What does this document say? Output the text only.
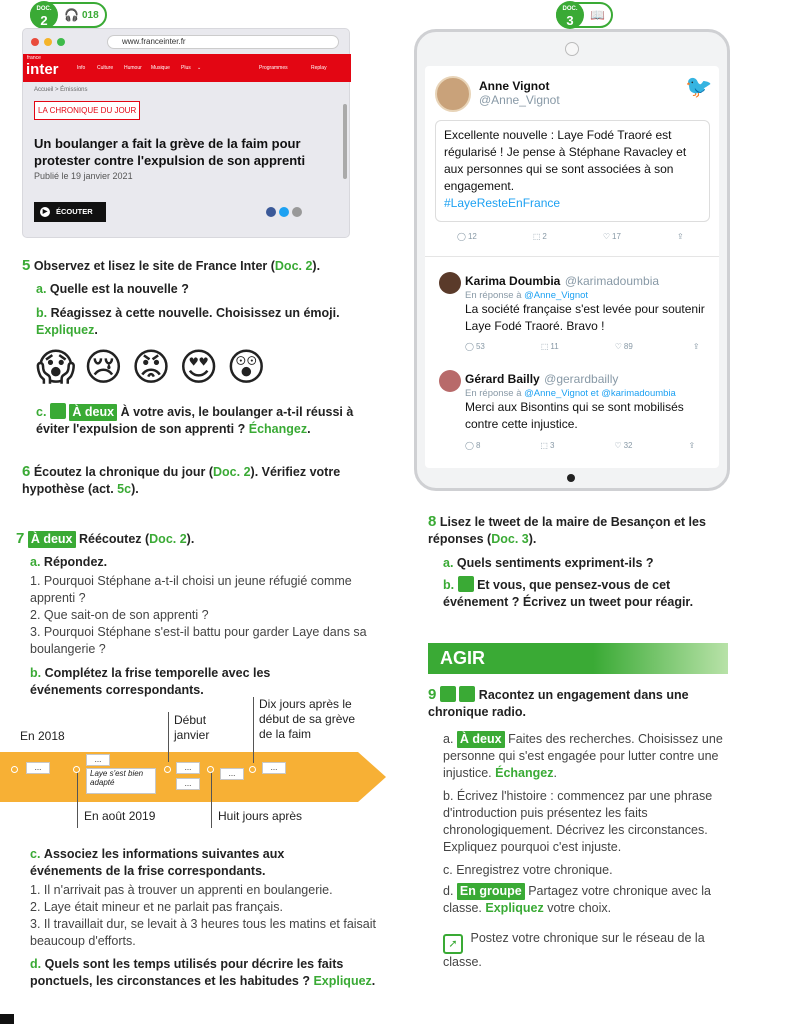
DOC.
2 🎧 018
www.franceinter.fr
france
inter	Info Culture Humour Musique Plus ⌄	Programmes	Replay
Accueil > Émissions
LA CHRONIQUE DU JOUR
Un boulanger a fait la grève de la faim pour protester contre l'expulsion de son apprenti
Publié le 19 janvier 2021
▶	ÉCOUTER
5 Observez et lisez le site de France Inter (Doc. 2).
a. Quelle est la nouvelle ?
b. Réagissez à cette nouvelle. Choisissez un émoji. Expliquez.
😱 😢 😡 😍 😲
c. À deux À votre avis, le boulanger a-t-il réussi à éviter l'expulsion de son apprenti ? Échangez.
6 Écoutez la chronique du jour (Doc. 2). Vérifiez votre hypothèse (act. 5c).
7 À deux Réécoutez (Doc. 2).
a. Répondez.
1. Pourquoi Stéphane a-t-il choisi un jeune réfugié comme apprenti ?
2. Que sait-on de son apprenti ?
3. Pourquoi Stéphane s'est-il battu pour garder Laye dans sa boulangerie ?
b. Complétez la frise temporelle avec les événements correspondants.
En 2018
Début janvier
Dix jours après le début de sa grève de la faim
En août 2019	Huit jours après
...
...
Laye s'est bien adapté
...
...
...
...
c. Associez les informations suivantes aux événements de la frise correspondants.
1. Il n'arrivait pas à trouver un apprenti en boulangerie.
2. Laye était mineur et ne parlait pas français.
3. Il travaillait dur, se levait à 3 heures tous les matins et faisait beaucoup d'efforts.
d. Quels sont les temps utilisés pour décrire les faits ponctuels, les circonstances et les habitudes ? Expliquez.
DOC.
3 📖
Anne Vignot
@Anne_Vignot
🐦
Excellente nouvelle : Laye Fodé Traoré est régularisé ! Je pense à Stéphane Ravacley et aux personnes qui se sont associées à son engagement.
#LayeResteEnFrance
◯ 12	⬚ 2	♡ 17	⇪
Karima Doumbia @karimadoumbia
En réponse à @Anne_Vignot
La société française s'est levée pour soutenir Laye Fodé Traoré. Bravo !
◯ 53	⬚ 11	♡ 89	⇪
Gérard Bailly @gerardbailly
En réponse à @Anne_Vignot et @karimadoumbia
Merci aux Bisontins qui se sont mobilisés contre cette injustice.
◯ 8	⬚ 3	♡ 32	⇪
8 Lisez le tweet de la maire de Besançon et les réponses (Doc. 3).
a. Quels sentiments expriment-ils ?
b. Et vous, que pensez-vous de cet événement ? Écrivez un tweet pour réagir.
AGIR
9	Racontez un engagement dans une chronique radio.
a. À deux Faites des recherches. Choisissez une personne qui s'est engagée pour lutter contre une injustice. Échangez.
b. Écrivez l'histoire : commencez par une phrase d'introduction puis présentez les faits chronologiquement. Décrivez les circonstances. Expliquez pourquoi c'est injuste.
c. Enregistrez votre chronique.
d. En groupe Partagez votre chronique avec la classe. Expliquez votre choix.
➚ Postez votre chronique sur le réseau de la classe.
